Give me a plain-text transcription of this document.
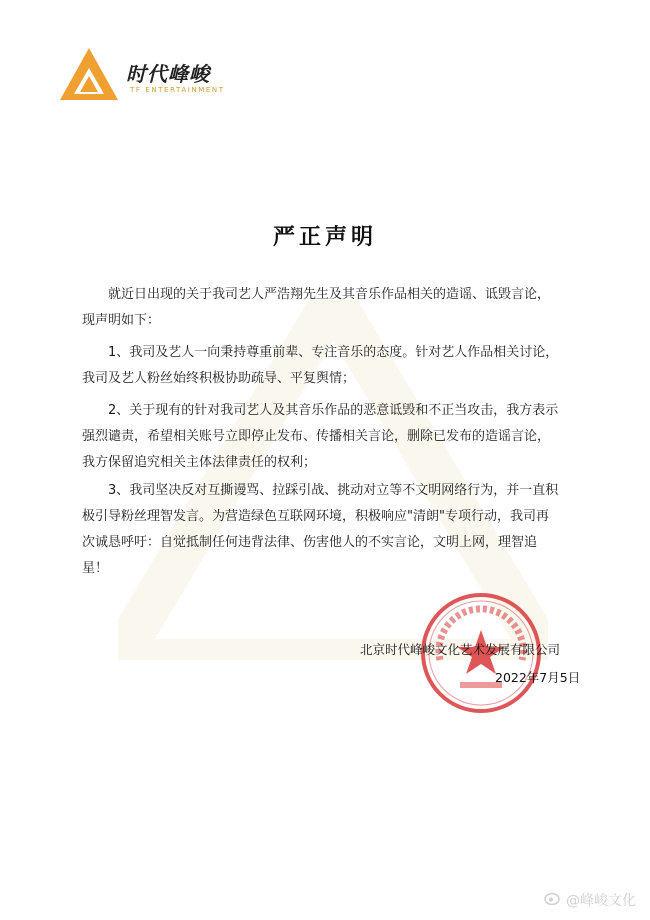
时代峰峻
TF ENTERTAINMENT
严正声明
就近日出现的关于我司艺人严浩翔先生及其音乐作品相关的造谣、诋毁言论，
现声明如下：
1、我司及艺人一向秉持尊重前辈、专注音乐的态度。针对艺人作品相关讨论，
我司及艺人粉丝始终积极协助疏导、平复舆情；
2、关于现有的针对我司艺人及其音乐作品的恶意诋毁和不正当攻击，我方表示
强烈谴责，希望相关账号立即停止发布、传播相关言论，删除已发布的造谣言论，
我方保留追究相关主体法律责任的权利；
3、我司坚决反对互撕谩骂、拉踩引战、挑动对立等不文明网络行为，并一直积
极引导粉丝理智发言。为营造绿色互联网环境，积极响应"清朗"专项行动，我司再
次诚恳呼吁：自觉抵制任何违背法律、伤害他人的不实言论，文明上网，理智追
星！
北京时代峰峻文化艺术发展有限公司
2022年7月5日
@峰峻文化
